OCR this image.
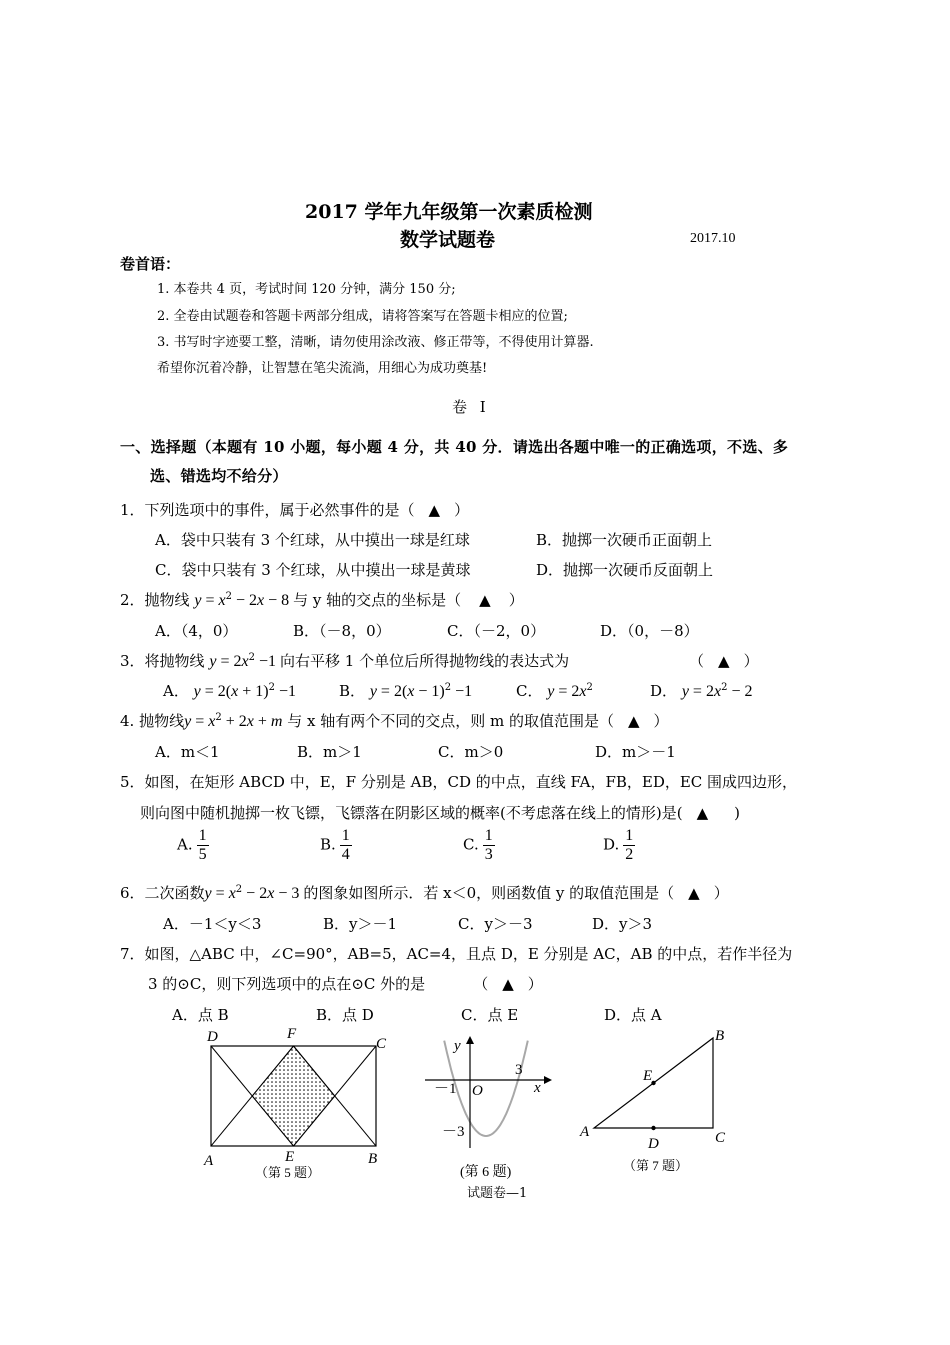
2017 学年九年级第一次素质检测
数学试题卷	2017.10
卷首语：
1. 本卷共 4 页，考试时间 120 分钟，满分 150 分;
2. 全卷由试题卷和答题卡两部分组成，请将答案写在答题卡相应的位置;
3. 书写时字迹要工整，清晰，请勿使用涂改液、修正带等，不得使用计算器.
希望你沉着冷静，让智慧在笔尖流淌，用细心为成功奠基!
卷 Ⅰ
一、选择题（本题有 10 小题，每小题 4 分，共 40 分．请选出各题中唯一的正确选项，不选、多
选、错选均不给分）
1．下列选项中的事件，属于必然事件的是（ ▲ ）
A．袋中只装有 3 个红球，从中摸出一球是红球	B．抛掷一次硬币正面朝上
C．袋中只装有 3 个红球，从中摸出一球是黄球	D．抛掷一次硬币反面朝上
2．抛物线 $y = x^2 - 2x - 8$ 与 y 轴的交点的坐标是（ ▲ ）
A．（4，0）	B．（－8，0）	C．（－2，0）	D．（0，－8）
3．将抛物线 $y = 2x^2 -1$ 向右平移 1 个单位后所得抛物线的表达式为	（ ▲ ）
A． $y = 2(x + 1)^2 -1$	B． $y = 2(x - 1)^2 -1$	C． $y = 2x^2$	D． $y = 2x^2 - 2$
4. 抛物线$y = x^2 + 2x + m$ 与 x 轴有两个不同的交点，则 m 的取值范围是（ ▲ ）
A．m＜1	B．m＞1	C．m＞0	D．m＞－1
5．如图，在矩形 ABCD 中，E，F 分别是 AB，CD 的中点，直线 FA，FB，ED，EC 围成四边形，
则向图中随机抛掷一枚飞镖，飞镖落在阴影区域的概率(不考虑落在线上的情形)是( ▲ )
A. $\frac{1}{5}$	B. $\frac{1}{4}$	C. $\frac{1}{3}$	D. $\frac{1}{2}$
6．二次函数$y = x^2 - 2x - 3$ 的图象如图所示．若 x＜0，则函数值 y 的取值范围是（ ▲ ）
A．－1＜y＜3	B．y＞－1	C．y＞－3	D．y＞3
7．如图，△ABC 中，∠C=90°，AB=5，AC=4，且点 D，E 分别是 AC，AB 的中点，若作半径为
3 的⊙C，则下列选项中的点在⊙C 外的是	（ ▲ ）
A．点 B	B．点 D	C．点 E	D．点 A
D	F
C
A	E	B
（第 5 题）
y
x
O
－1
3
－3
(第 6 题)
B
A	C
D
E
（第 7 题）
试题卷—1
